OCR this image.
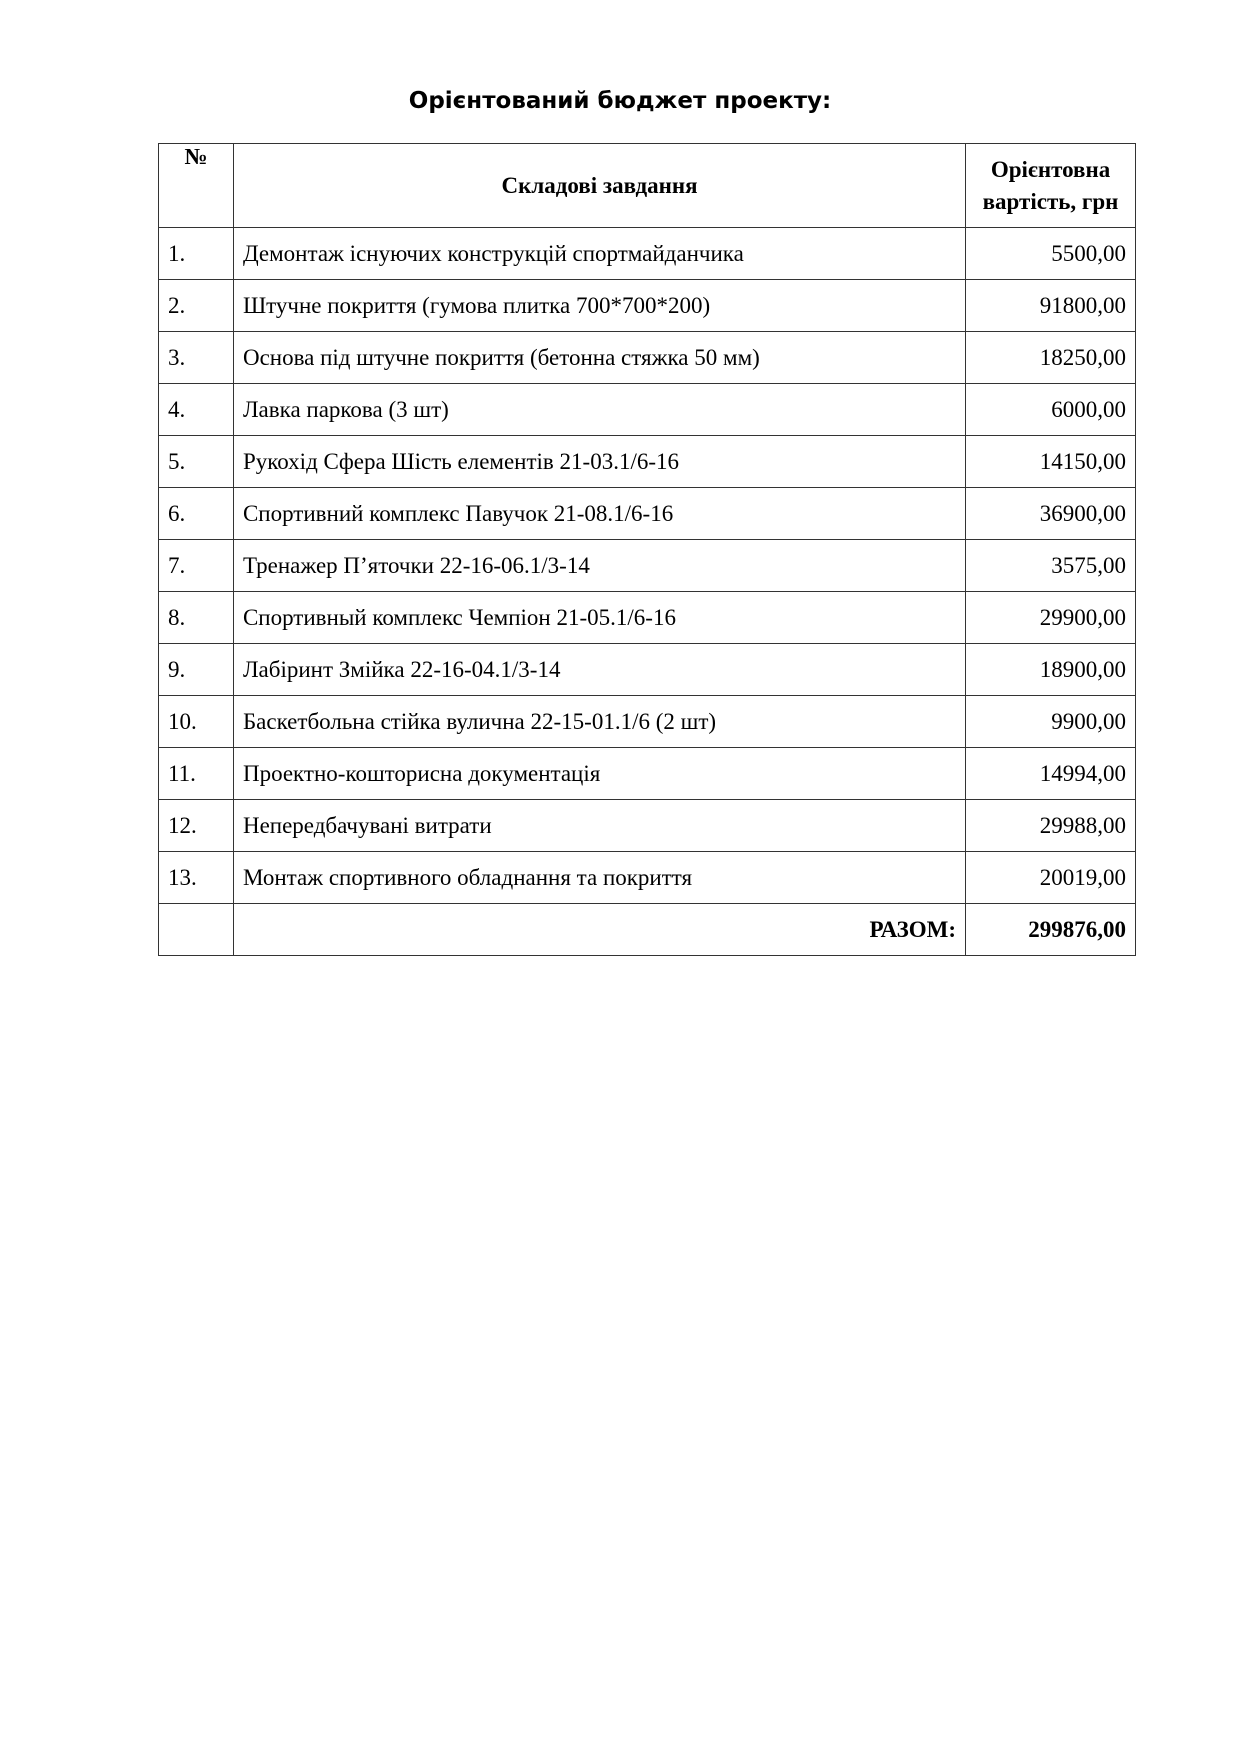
Орієнтований бюджет проекту:
№	Складові завдання	Орієнтовна вартість, грн
1.	Демонтаж існуючих конструкцій спортмайданчика	5500,00
2.	Штучне покриття (гумова плитка 700*700*200)	91800,00
3.	Основа під штучне покриття (бетонна стяжка 50 мм)	18250,00
4.	Лавка паркова (3 шт)	6000,00
5.	Рукохід Сфера Шість елементів 21-03.1/6-16	14150,00
6.	Спортивний комплекс Павучок 21-08.1/6-16	36900,00
7.	Тренажер П’яточки 22-16-06.1/3-14	3575,00
8.	Спортивный комплекс Чемпіон 21-05.1/6-16	29900,00
9.	Лабіринт Змійка 22-16-04.1/3-14	18900,00
10.	Баскетбольна стійка вулична 22-15-01.1/6 (2 шт)	9900,00
11.	Проектно-кошторисна документація	14994,00
12.	Непередбачувані витрати	29988,00
13.	Монтаж спортивного обладнання та покриття	20019,00
	РАЗОМ:	299876,00
